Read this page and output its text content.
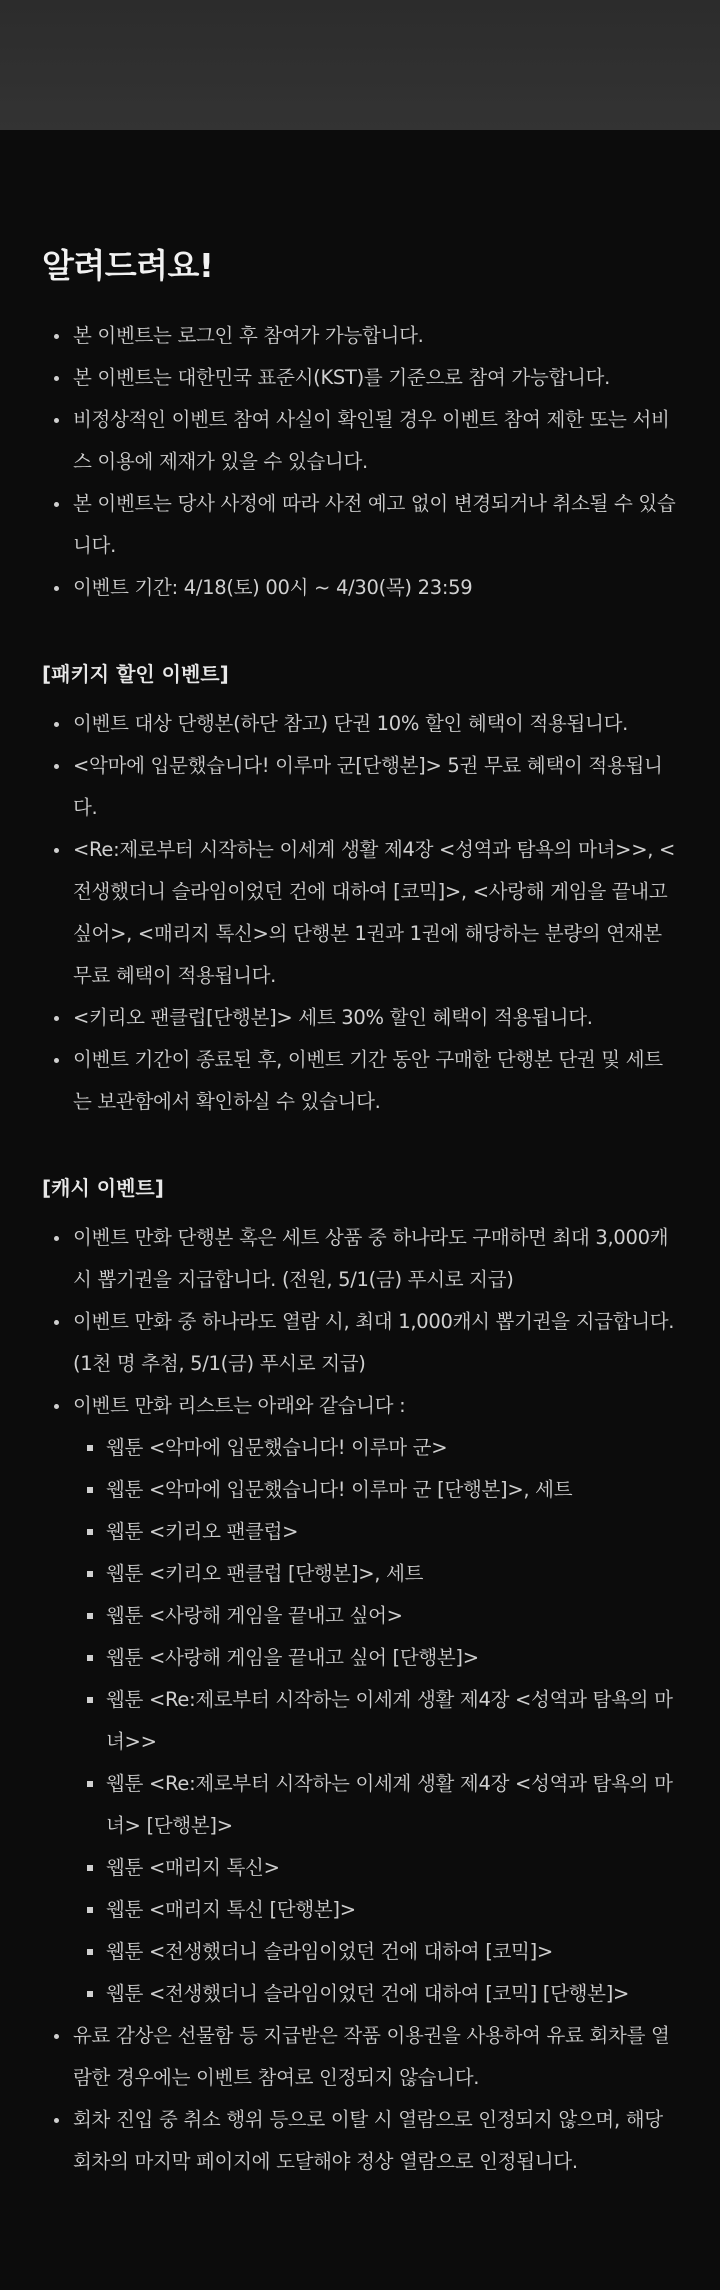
알려드려요!
본 이벤트는 로그인 후 참여가 가능합니다.
본 이벤트는 대한민국 표준시(KST)를 기준으로 참여 가능합니다.
비정상적인 이벤트 참여 사실이 확인될 경우 이벤트 참여 제한 또는 서비스 이용에 제재가 있을 수 있습니다.
본 이벤트는 당사 사정에 따라 사전 예고 없이 변경되거나 취소될 수 있습니다.
이벤트 기간: 4/18(토) 00시 ~ 4/30(목) 23:59
[패키지 할인 이벤트]
이벤트 대상 단행본(하단 참고) 단권 10% 할인 혜택이 적용됩니다.
<악마에 입문했습니다! 이루마 군[단행본]> 5권 무료 혜택이 적용됩니다.
<Re:제로부터 시작하는 이세계 생활 제4장 <성역과 탐욕의 마녀>>, <전생했더니 슬라임이었던 건에 대하여 [코믹]>, <사랑해 게임을 끝내고 싶어>, <매리지 톡신>의 단행본 1권과 1권에 해당하는 분량의 연재본 무료 혜택이 적용됩니다.
<키리오 팬클럽[단행본]> 세트 30% 할인 혜택이 적용됩니다.
이벤트 기간이 종료된 후, 이벤트 기간 동안 구매한 단행본 단권 및 세트는 보관함에서 확인하실 수 있습니다.
[캐시 이벤트]
이벤트 만화 단행본 혹은 세트 상품 중 하나라도 구매하면 최대 3,000캐시 뽑기권을 지급합니다. (전원, 5/1(금) 푸시로 지급)
이벤트 만화 중 하나라도 열람 시, 최대 1,000캐시 뽑기권을 지급합니다. (1천 명 추첨, 5/1(금) 푸시로 지급)
이벤트 만화 리스트는 아래와 같습니다 :
웹툰 <악마에 입문했습니다! 이루마 군>
웹툰 <악마에 입문했습니다! 이루마 군 [단행본]>, 세트
웹툰 <키리오 팬클럽>
웹툰 <키리오 팬클럽 [단행본]>, 세트
웹툰 <사랑해 게임을 끝내고 싶어>
웹툰 <사랑해 게임을 끝내고 싶어 [단행본]>
웹툰 <Re:제로부터 시작하는 이세계 생활 제4장 <성역과 탐욕의 마녀>>
웹툰 <Re:제로부터 시작하는 이세계 생활 제4장 <성역과 탐욕의 마녀> [단행본]>
웹툰 <매리지 톡신>
웹툰 <매리지 톡신 [단행본]>
웹툰 <전생했더니 슬라임이었던 건에 대하여 [코믹]>
웹툰 <전생했더니 슬라임이었던 건에 대하여 [코믹] [단행본]>
유료 감상은 선물함 등 지급받은 작품 이용권을 사용하여 유료 회차를 열람한 경우에는 이벤트 참여로 인정되지 않습니다.
회차 진입 중 취소 행위 등으로 이탈 시 열람으로 인정되지 않으며, 해당 회차의 마지막 페이지에 도달해야 정상 열람으로 인정됩니다.
